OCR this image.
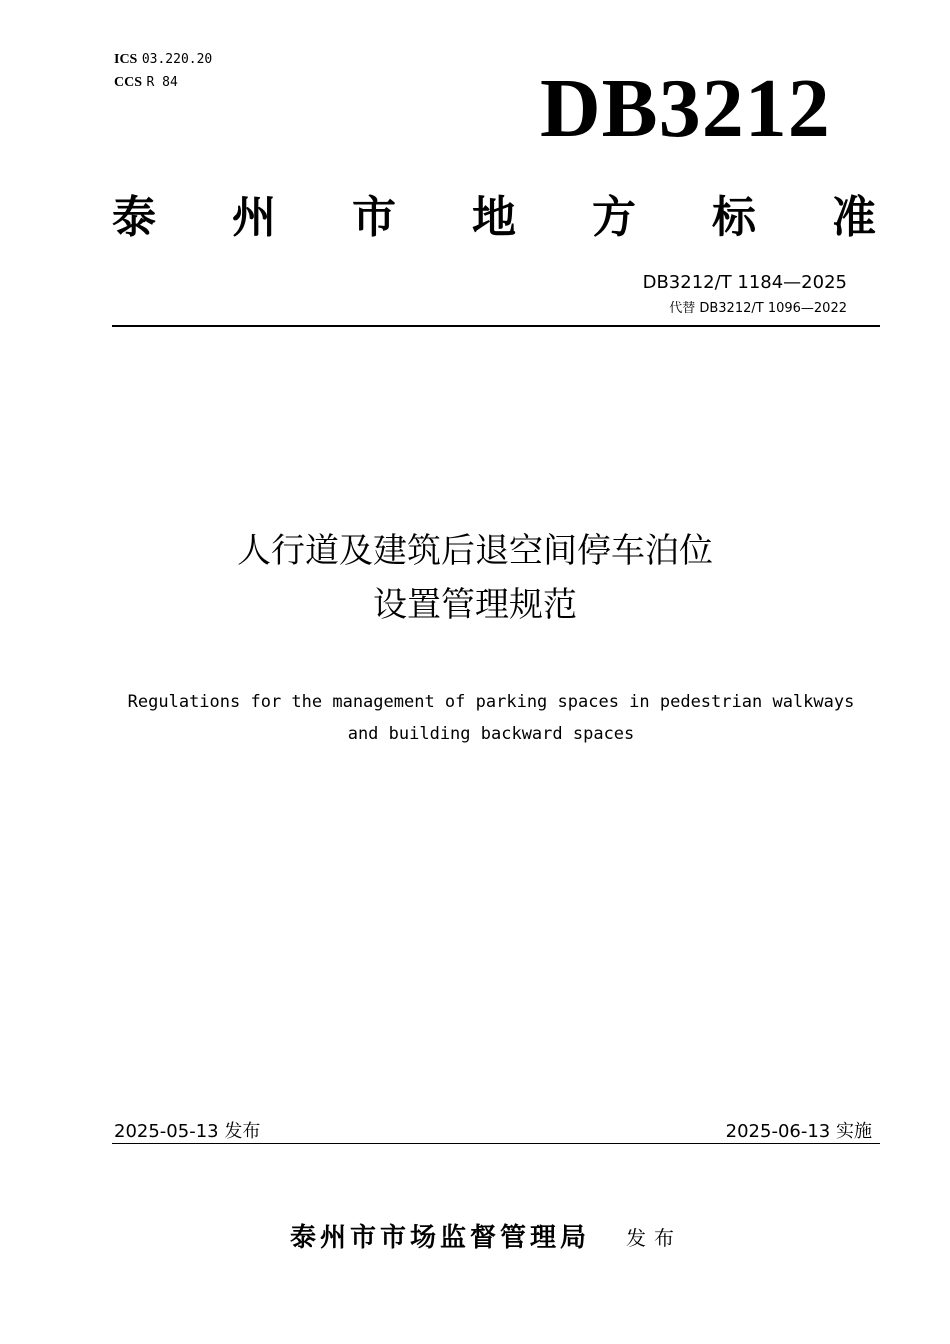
ICS 03.220.20
CCS R 84	DB3212
泰 州 市 地 方 标 准
DB3212/T 1184—2025
代替 DB3212/T 1096—2022
人行道及建筑后退空间停车泊位
设置管理规范
Regulations for the management of parking spaces in pedestrian walkways
and building backward spaces
2025-05-13 发布	2025-06-13 实施
泰州市市场监督管理局 发布
